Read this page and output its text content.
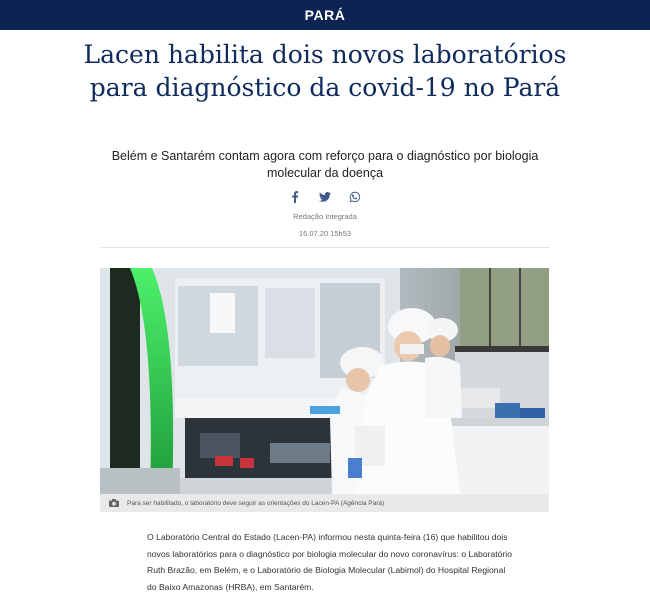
PARÁ
Lacen habilita dois novos laboratórios para diagnóstico da covid-19 no Pará

Belém e Santarém contam agora com reforço para o diagnóstico por biologia molecular da doença

Redação Integrada
16.07.20 15h53
Para ser habilitado, o laboratório deve seguir as orientações do Lacen-PA (Agência Pará)

O Laboratório Central do Estado (Lacen-PA) informou nesta quinta-feira (16) que habilitou dois novos laboratórios para o diagnóstico por biologia molecular do novo coronavírus: o Laboratório Ruth Brazão, em Belém, e o Laboratório de Biologia Molecular (Labimol) do Hospital Regional do Baixo Amazonas (HRBA), em Santarém.
